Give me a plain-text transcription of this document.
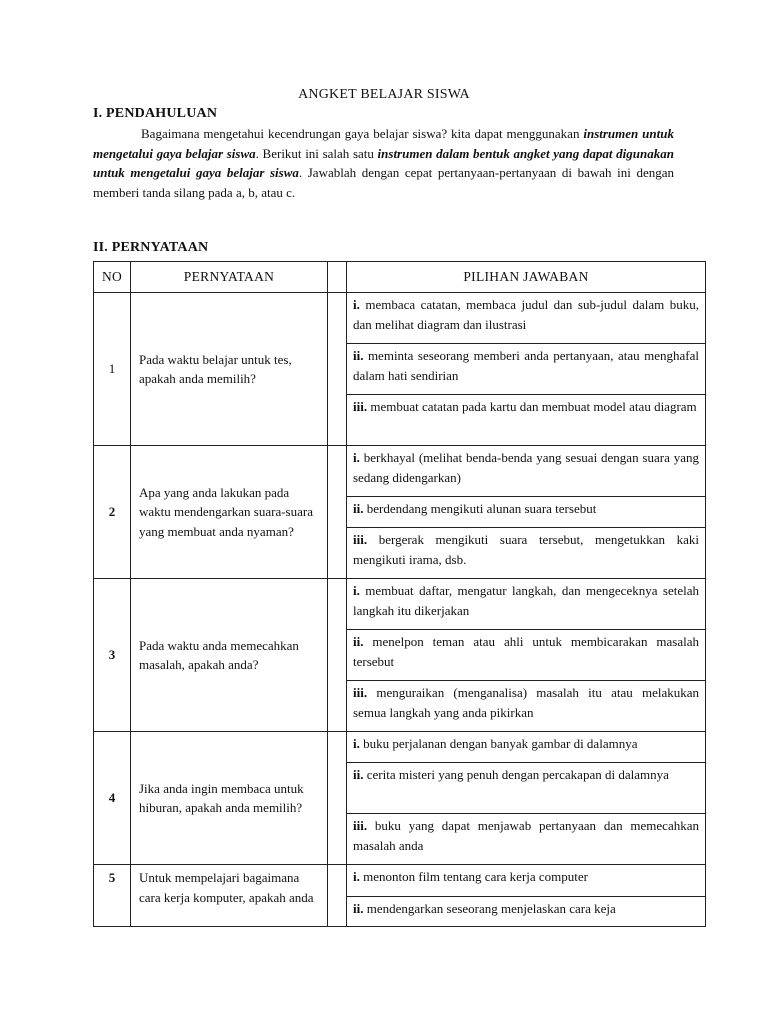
ANGKET BELAJAR SISWA
I. PENDAHULUAN

Bagaimana mengetahui kecendrungan gaya belajar siswa? kita dapat menggunakan instrumen untuk mengetalui gaya belajar siswa. Berikut ini salah satu instrumen dalam bentuk angket yang dapat digunakan untuk mengetalui gaya belajar siswa. Jawablah dengan cepat pertanyaan-pertanyaan di bawah ini dengan memberi tanda silang pada a, b, atau c.

II. PERNYATAAN
NO	PERNYATAAN		PILIHAN JAWABAN
1	Pada waktu belajar untuk tes, apakah anda memilih?		i. membaca catatan, membaca judul dan sub-judul dalam buku, dan melihat diagram dan ilustrasi
			ii. meminta seseorang memberi anda pertanyaan, atau menghafal dalam hati sendirian
			iii. membuat catatan pada kartu dan membuat model atau diagram
2	Apa yang anda lakukan pada waktu mendengarkan suara-suara yang membuat anda nyaman?		i. berkhayal (melihat benda-benda yang sesuai dengan suara yang sedang didengarkan)
			ii. berdendang mengikuti alunan suara tersebut
			iii. bergerak mengikuti suara tersebut, mengetukkan kaki mengikuti irama, dsb.
3	Pada waktu anda memecahkan masalah, apakah anda?		i. membuat daftar, mengatur langkah, dan mengeceknya setelah langkah itu dikerjakan
			ii. menelpon teman atau ahli untuk membicarakan masalah tersebut
			iii. menguraikan (menganalisa) masalah itu atau melakukan semua langkah yang anda pikirkan
4	Jika anda ingin membaca untuk hiburan, apakah anda memilih?		i. buku perjalanan dengan banyak gambar di dalamnya
			ii. cerita misteri yang penuh dengan percakapan di dalamnya
			iii. buku yang dapat menjawab pertanyaan dan memecahkan masalah anda
5	Untuk mempelajari bagaimana cara kerja komputer, apakah anda		i. menonton film tentang cara kerja computer
			ii. mendengarkan seseorang menjelaskan cara keja
